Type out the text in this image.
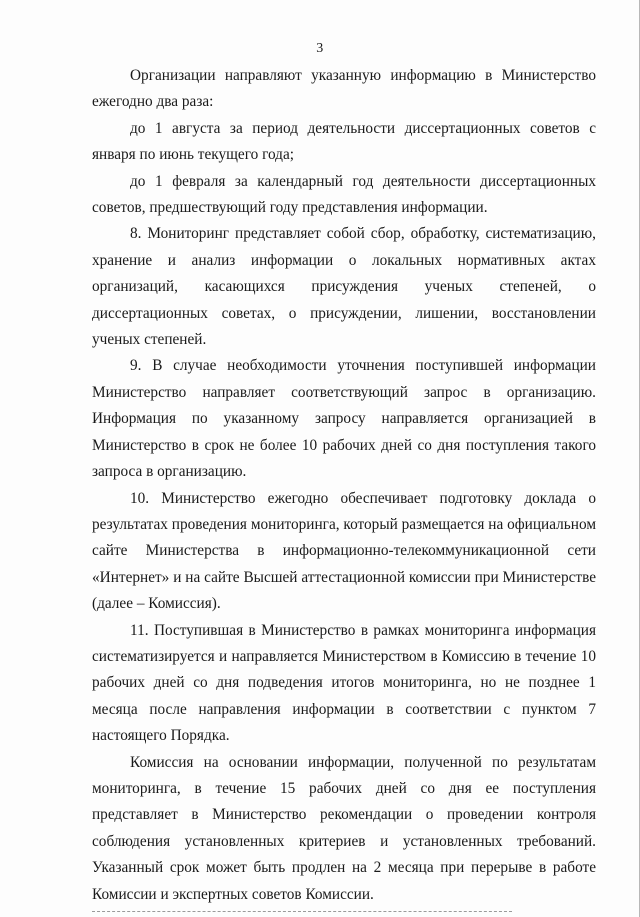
3

Организации направляют указанную информацию в Министерство ежегодно два раза:

до 1 августа за период деятельности диссертационных советов с января по июнь текущего года;

до 1 февраля за календарный год деятельности диссертационных советов, предшествующий году представления информации.

8. Мониторинг представляет собой сбор, обработку, систематизацию, хранение и анализ информации о локальных нормативных актах организаций, касающихся присуждения ученых степеней, о диссертационных советах, о присуждении, лишении, восстановлении ученых степеней.

9. В случае необходимости уточнения поступившей информации Министерство направляет соответствующий запрос в организацию. Информация по указанному запросу направляется организацией в Министерство в срок не более 10 рабочих дней со дня поступления такого запроса в организацию.

10. Министерство ежегодно обеспечивает подготовку доклада о результатах проведения мониторинга, который размещается на официальном сайте Министерства в информационно-телекоммуникационной сети «Интернет» и на сайте Высшей аттестационной комиссии при Министерстве (далее – Комиссия).

11. Поступившая в Министерство в рамках мониторинга информация систематизируется и направляется Министерством в Комиссию в течение 10 рабочих дней со дня подведения итогов мониторинга, но не позднее 1 месяца после направления информации в соответствии с пунктом 7 настоящего Порядка.

Комиссия на основании информации, полученной по результатам мониторинга, в течение 15 рабочих дней со дня ее поступления представляет в Министерство рекомендации о проведении контроля соблюдения установленных критериев и установленных требований. Указанный срок может быть продлен на 2 месяца при перерыве в работе Комиссии и экспертных советов Комиссии.
